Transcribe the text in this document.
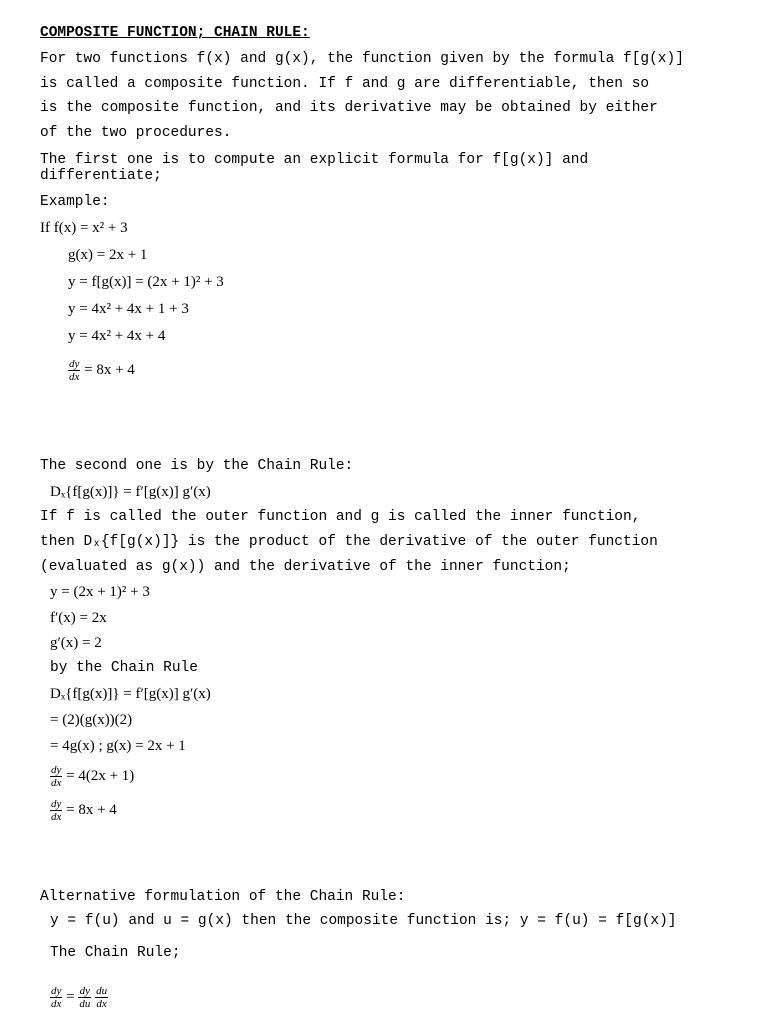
COMPOSITE FUNCTION; CHAIN RULE:
For two functions f(x) and g(x), the function given by the formula f[g(x)]
is called a composite function. If f and g are differentiable, then so
is the composite function, and its derivative may be obtained by either
of the two procedures.
The first one is to compute an explicit formula for f[g(x)] and
differentiate;
Example:
If f(x) = x² + 3
g(x) = 2x + 1
y = f[g(x)] = (2x + 1)² + 3
y = 4x² + 4x + 1 + 3
y = 4x² + 4x + 4
$\frac{dy}{dx} = 8x + 4$
The second one is by the Chain Rule:
Dₓ{f[g(x)]} = f′[g(x)] g′(x)
If f is called the outer function and g is called the inner function,
then Dₓ{f[g(x)]} is the product of the derivative of the outer function
(evaluated as g(x)) and the derivative of the inner function;
y = (2x + 1)² + 3
f′(x) = 2x
g′(x) = 2
by the Chain Rule
Dₓ{f[g(x)]} = f′[g(x)] g′(x)
= (2)(g(x))(2)
= 4g(x) ; g(x) = 2x + 1
$\frac{dy}{dx} = 4(2x + 1)$
$\frac{dy}{dx} = 8x + 4$
Alternative formulation of the Chain Rule:
y = f(u) and u = g(x) then the composite function is; y = f(u) = f[g(x)]
The Chain Rule;
$\frac{dy}{dx} = \frac{dy}{du}$
$\frac{du}{dx}$
